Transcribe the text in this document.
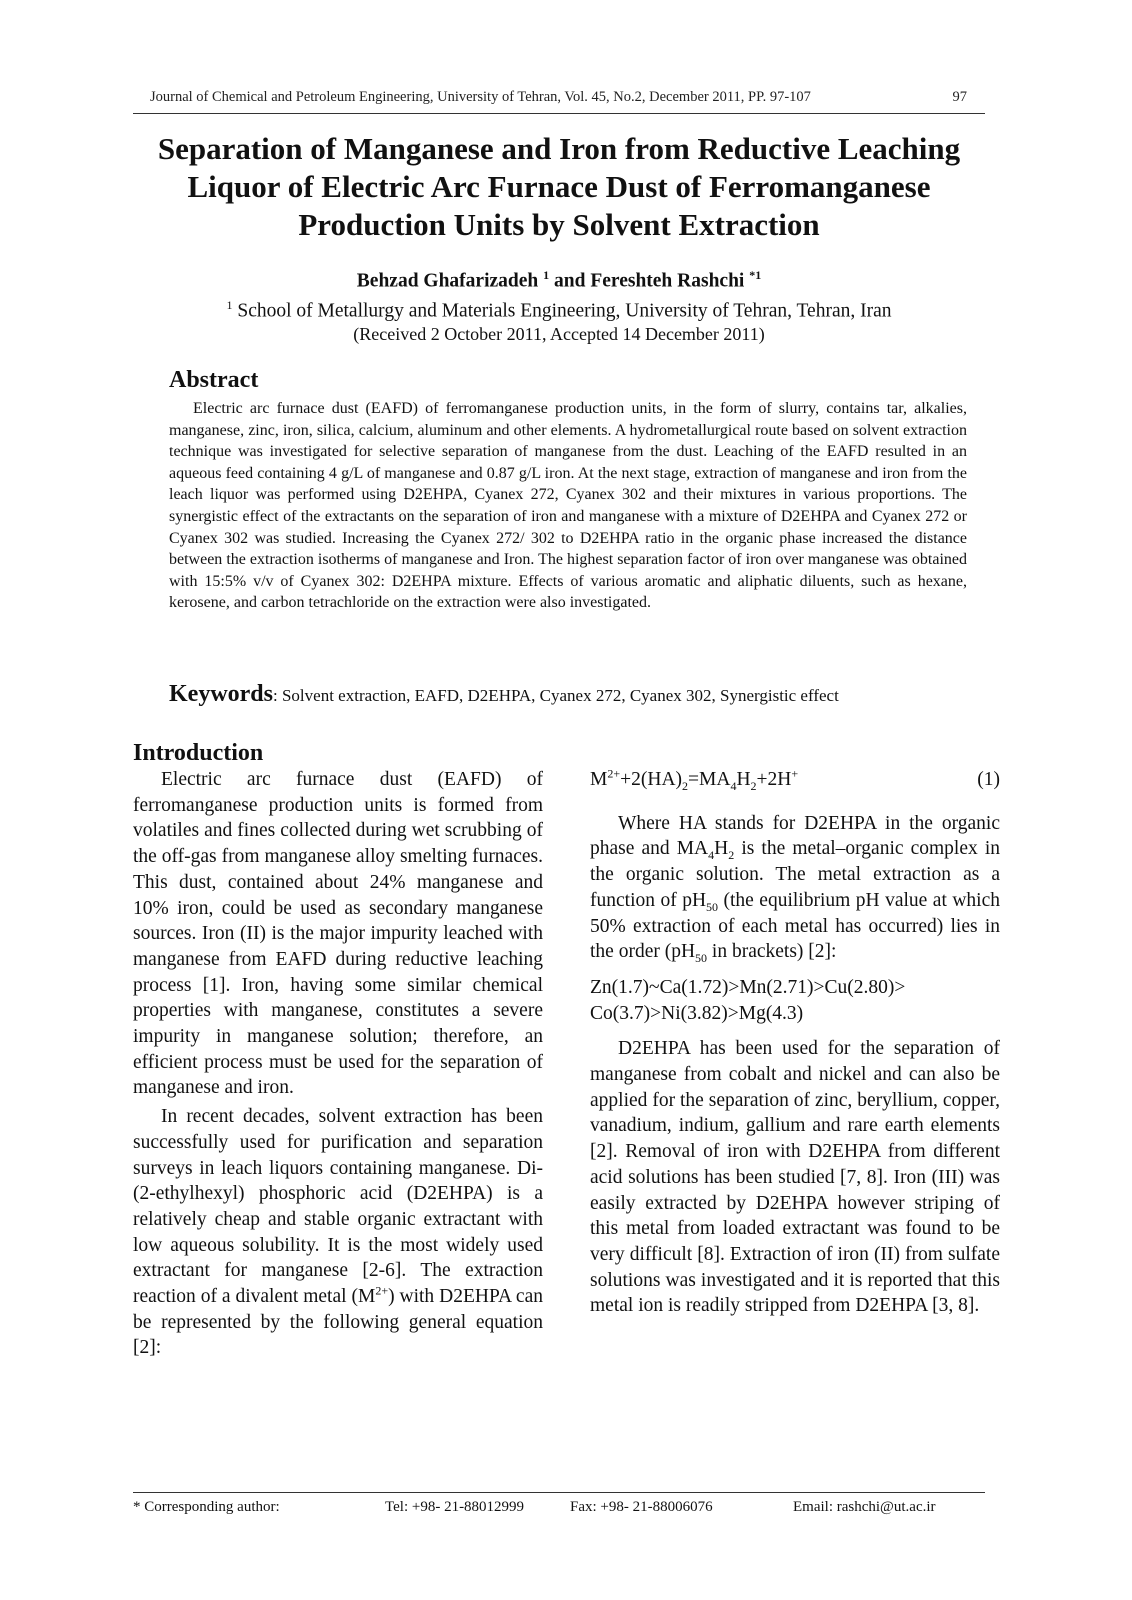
Journal of Chemical and Petroleum Engineering, University of Tehran, Vol. 45, No.2, December 2011, PP. 97-107	97
Separation of Manganese and Iron from Reductive Leaching Liquor of Electric Arc Furnace Dust of Ferromanganese Production Units by Solvent Extraction
Behzad Ghafarizadeh $^1$ and Fereshteh Rashchi $^{*1}$
$^1$ School of Metallurgy and Materials Engineering, University of Tehran, Tehran, Iran
(Received 2 October 2011, Accepted 14 December 2011)
Abstract

Electric arc furnace dust (EAFD) of ferromanganese production units, in the form of slurry, contains tar, alkalies, manganese, zinc, iron, silica, calcium, aluminum and other elements. A hydrometallurgical route based on solvent extraction technique was investigated for selective separation of manganese from the dust. Leaching of the EAFD resulted in an aqueous feed containing 4 g/L of manganese and 0.87 g/L iron. At the next stage, extraction of manganese and iron from the leach liquor was performed using D2EHPA, Cyanex 272, Cyanex 302 and their mixtures in various proportions. The synergistic effect of the extractants on the separation of iron and manganese with a mixture of D2EHPA and Cyanex 272 or Cyanex 302 was studied. Increasing the Cyanex 272/ 302 to D2EHPA ratio in the organic phase increased the distance between the extraction isotherms of manganese and Iron. The highest separation factor of iron over manganese was obtained with 15:5% v/v of Cyanex 302: D2EHPA mixture. Effects of various aromatic and aliphatic diluents, such as hexane, kerosene, and carbon tetrachloride on the extraction were also investigated.

Keywords: Solvent extraction, EAFD, D2EHPA, Cyanex 272, Cyanex 302, Synergistic effect

Introduction

Electric arc furnace dust (EAFD) of ferromanganese production units is formed from volatiles and fines collected during wet scrubbing of the off-gas from manganese alloy smelting furnaces. This dust, contained about 24% manganese and 10% iron, could be used as secondary manganese sources. Iron (II) is the major impurity leached with manganese from EAFD during reductive leaching process [1]. Iron, having some similar chemical properties with manganese, constitutes a severe impurity in manganese solution; therefore, an efficient process must be used for the separation of manganese and iron.

In recent decades, solvent extraction has been successfully used for purification and separation surveys in leach liquors containing manganese. Di-(2-ethylhexyl) phosphoric acid (D2EHPA) is a relatively cheap and stable organic extractant with low aqueous solubility. It is the most widely used extractant for manganese [2-6]. The extraction reaction of a divalent metal $(M^{2+})$ with D2EHPA can be represented by the following general equation [2]:

$M^{2+}+2(HA)_2=MA_4H_2+2H^+$	(1)

Where HA stands for D2EHPA in the organic phase and $MA_4H_2$ is the metal–organic complex in the organic solution. The metal extraction as a function of $pH_{50}$ (the equilibrium pH value at which 50% extraction of each metal has occurred) lies in the order ($pH_{50}$ in brackets) [2]:

Zn(1.7)~Ca(1.72)>Mn(2.71)>Cu(2.80)>
Co(3.7)>Ni(3.82)>Mg(4.3)

D2EHPA has been used for the separation of manganese from cobalt and nickel and can also be applied for the separation of zinc, beryllium, copper, vanadium, indium, gallium and rare earth elements [2]. Removal of iron with D2EHPA from different acid solutions has been studied [7, 8]. Iron (III) was easily extracted by D2EHPA however striping of this metal from loaded extractant was found to be very difficult [8]. Extraction of iron (II) from sulfate solutions was investigated and it is reported that this metal ion is readily stripped from D2EHPA [3, 8].

* Corresponding author:	Tel: +98- 21-88012999	Fax: +98- 21-88006076	Email: rashchi@ut.ac.ir
